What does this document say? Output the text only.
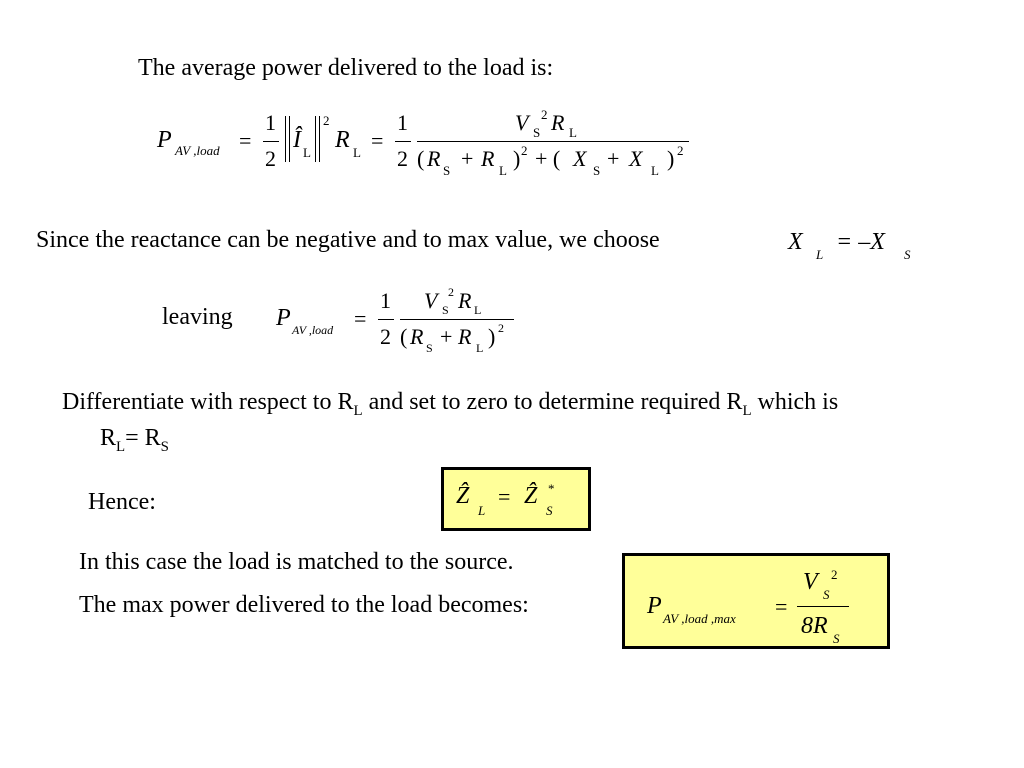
The average power delivered to the load is:
P AV ,load =
1
2
Î L
2
R L =
1
2
V 2
S R L
( R S + R L ) 2 + ( X S + X L ) 2
Since the reactance can be negative and to max value, we choose	X L = –X S
leaving P AV ,load =
1
2
V 2
S R L
( R S + R L ) 2
Differentiate with respect to $R_L$ and set to zero to determine required $R_L$ which is
$R_L= R_S$
Hence:	Ẑ
L
= Ẑ *
S
In this case the load is matched to the source.
The max power delivered to the load becomes:	P AV ,load ,max =
V S
2
8R S
